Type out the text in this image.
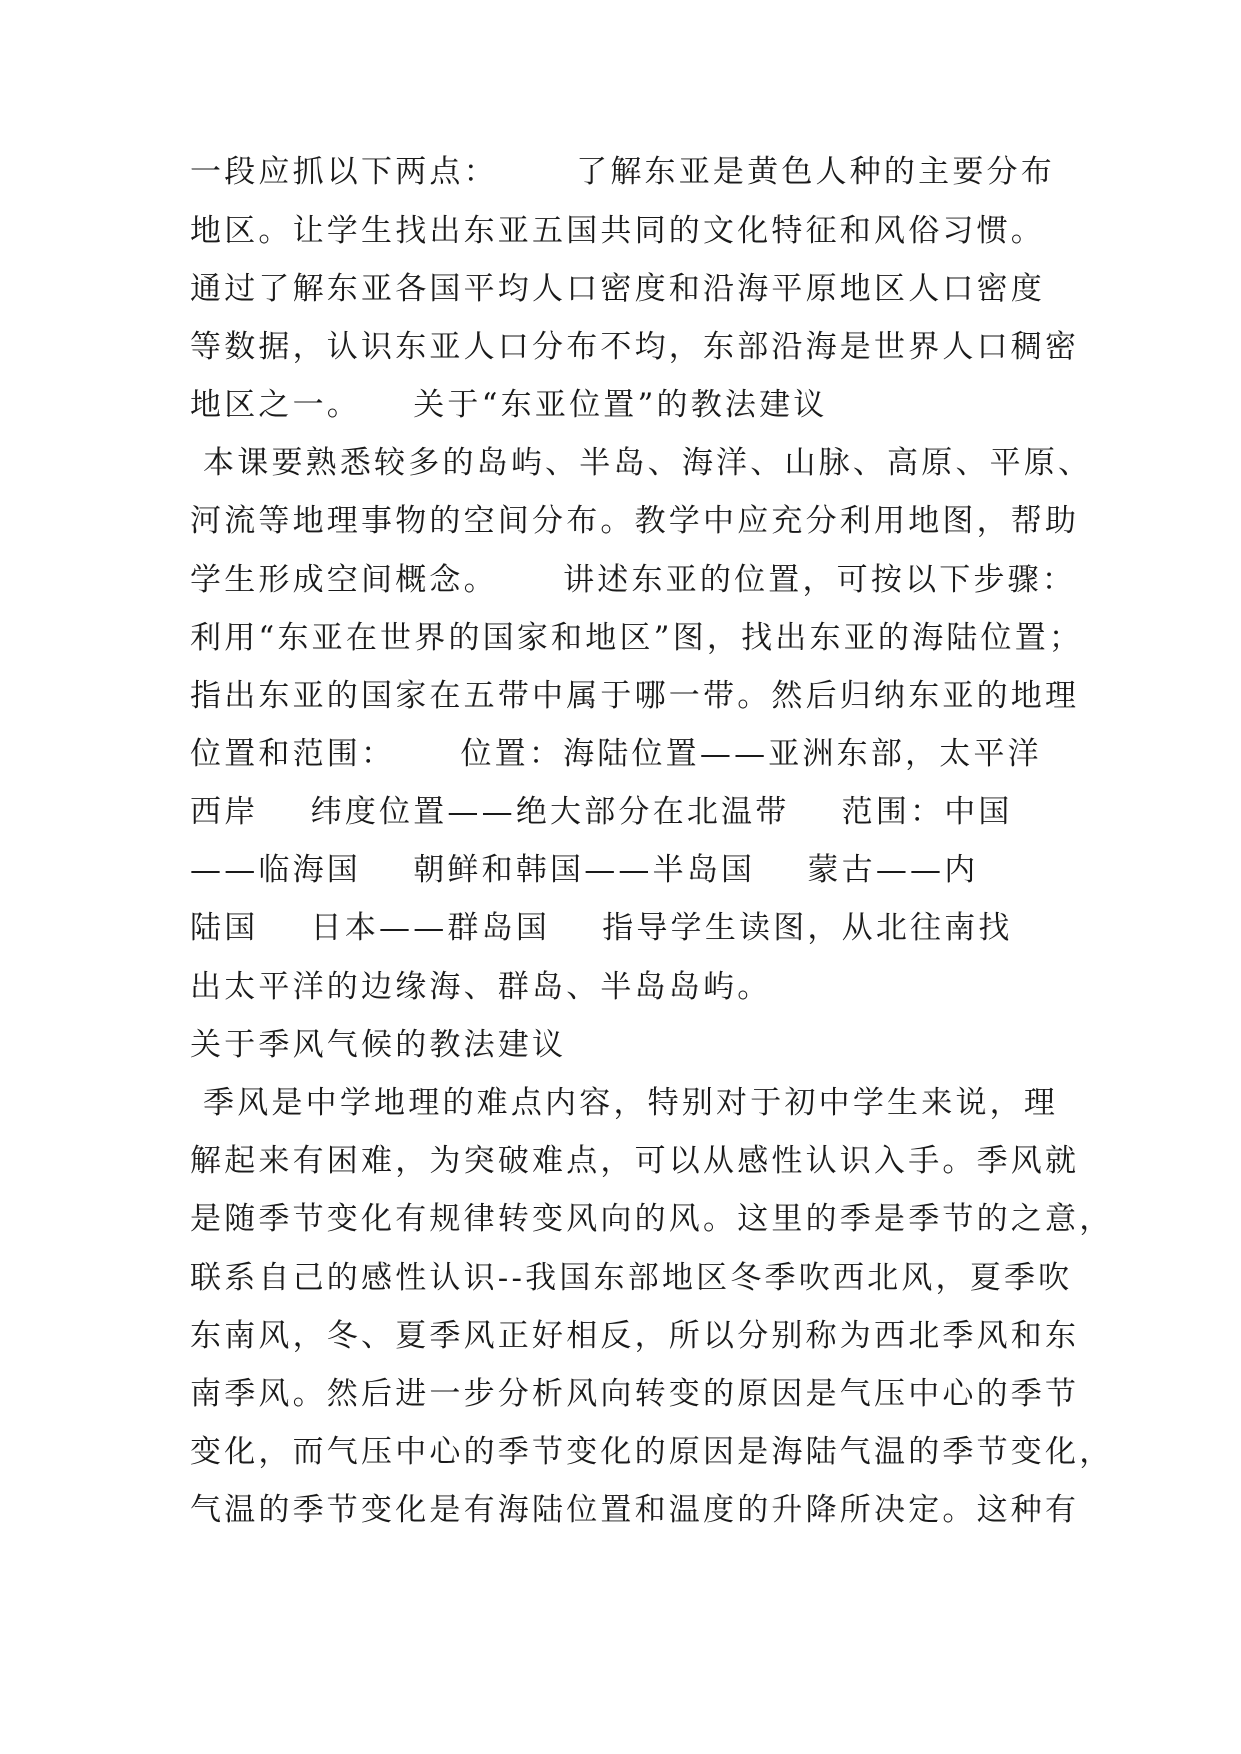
一段应抓以下两点：      了解东亚是黄色人种的主要分布
地区。让学生找出东亚五国共同的文化特征和风俗习惯。
通过了解东亚各国平均人口密度和沿海平原地区人口密度
等数据，认识东亚人口分布不均，东部沿海是世界人口稠密
地区之一。    关于“东亚位置”的教法建议
本课要熟悉较多的岛屿、半岛、海洋、山脉、高原、平原、
河流等地理事物的空间分布。教学中应充分利用地图，帮助
学生形成空间概念。     讲述东亚的位置，可按以下步骤：
利用“东亚在世界的国家和地区”图，找出东亚的海陆位置；
指出东亚的国家在五带中属于哪一带。然后归纳东亚的地理
位置和范围：     位置：海陆位置——亚洲东部，太平洋
西岸    纬度位置——绝大部分在北温带    范围：中国
——临海国    朝鲜和韩国——半岛国    蒙古——内
陆国    日本——群岛国    指导学生读图，从北往南找
出太平洋的边缘海、群岛、半岛岛屿。
关于季风气候的教法建议
季风是中学地理的难点内容，特别对于初中学生来说，理
解起来有困难，为突破难点，可以从感性认识入手。季风就
是随季节变化有规律转变风向的风。这里的季是季节的之意，
联系自己的感性认识--我国东部地区冬季吹西北风，夏季吹
东南风，冬、夏季风正好相反，所以分别称为西北季风和东
南季风。然后进一步分析风向转变的原因是气压中心的季节
变化，而气压中心的季节变化的原因是海陆气温的季节变化，
气温的季节变化是有海陆位置和温度的升降所决定。这种有
